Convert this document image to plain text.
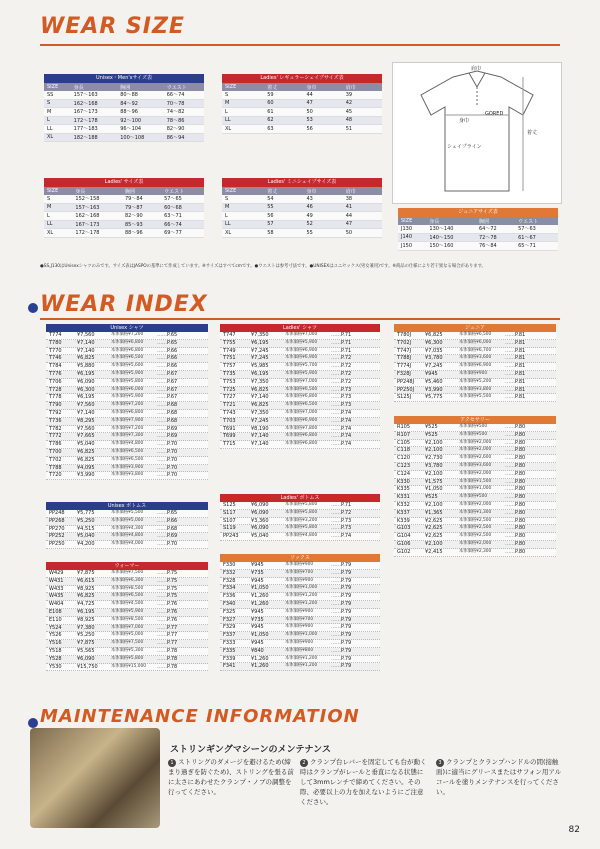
WEAR SIZE
Unisex・Men'sサイズ表
SIZE	身長	胸囲	ウエスト
SS	157〜163	80〜88	66〜74
S	162〜168	84〜92	70〜78
M	167〜173	88〜96	74〜82
L	172〜178	92〜100	78〜86
LL	177〜183	96〜104	82〜90
XL	182〜188	100〜108	86〜94
Ladies' レギュラーシェイプサイズ表
SIZE	着丈	身巾	肩巾
S	59	44	39
M	60	47	42
L	61	50	45
LL	62	53	48
XL	63	56	51
Ladies' サイズ表
SIZE	身長	胸囲	ウエスト
S	152〜158	79〜84	57〜65
M	157〜163	79〜87	60〜68
L	162〜168	82〜90	63〜71
LL	167〜173	85〜93	66〜74
XL	172〜178	88〜96	69〜77
Ladies' ミニシェイプサイズ表
SIZE	着丈	身巾	肩巾
S	54	43	38
M	55	46	41
L	56	49	44
LL	57	52	47
XL	58	55	50
GORED
身巾
着丈
シェイプライン
肩巾
ジュニアサイズ表
SIZE	身長	胸囲	ウエスト
J130	130〜140	64〜72	57〜63
J140	140〜150	72〜78	61〜67
J150	150〜160	76〜84	65〜71
●SS,J130はUnisexシャツのみです。サイズ表はJASPOの基準にて作成しています。※サイズはすべてcmです。●ウエストは参考寸法です。●UNISEXはユニセックス(男女兼用)です。※商品の仕様により若干異なる場合があります。
WEAR INDEX
Unisex シャツ
T774	¥7,560	本体価格¥7,200	…… P.65
T780	¥7,140	本体価格¥6,800	…… P.65
T770	¥7,140	本体価格¥6,800	…… P.66
T746	¥6,825	本体価格¥6,500	…… P.66
T784	¥5,880	本体価格¥5,600	…… P.66
T776	¥6,195	本体価格¥5,900	…… P.67
T706	¥6,090	本体価格¥5,800	…… P.67
T728	¥6,300	本体価格¥6,000	…… P.67
T778	¥6,195	本体価格¥5,900	…… P.67
T790	¥7,560	本体価格¥7,200	…… P.68
T792	¥7,140	本体価格¥6,800	…… P.68
T736	¥8,295	本体価格¥7,900	…… P.68
T782	¥7,560	本体価格¥7,200	…… P.69
T772	¥7,665	本体価格¥7,300	…… P.69
T786	¥5,040	本体価格¥4,800	…… P.70
T700	¥6,825	本体価格¥6,500	…… P.70
T702	¥6,825	本体価格¥6,500	…… P.70
T788	¥4,095	本体価格¥3,900	…… P.70
T720	¥3,990	本体価格¥3,800	…… P.70
Unisex ボトムス
PP248	¥5,775	本体価格¥5,500	…… P.65
PP268	¥5,250	本体価格¥5,000	…… P.66
PP270	¥4,515	本体価格¥4,300	…… P.68
PP252	¥5,040	本体価格¥4,800	…… P.69
PP250	¥4,200	本体価格¥4,000	…… P.70
ウォーマー
W429	¥7,875	本体価格¥7,500	…… P.75
W431	¥6,615	本体価格¥6,300	…… P.75
W433	¥8,925	本体価格¥8,500	…… P.75
W435	¥6,825	本体価格¥6,500	…… P.75
W404	¥4,725	本体価格¥4,500	…… P.76
E108	¥6,195	本体価格¥5,900	…… P.76
E110	¥8,925	本体価格¥8,500	…… P.76
Y524	¥7,380	本体価格¥7,000	…… P.77
Y526	¥5,250	本体価格¥5,000	…… P.77
Y516	¥7,875	本体価格¥7,500	…… P.77
Y518	¥5,565	本体価格¥5,300	…… P.78
Y528	¥6,090	本体価格¥5,800	…… P.78
Y530	¥15,750	本体価格¥15,000	…… P.78
Ladies' シャツ
T747	¥7,350	本体価格¥7,000	…… P.71
T755	¥6,195	本体価格¥5,900	…… P.71
T749	¥7,245	本体価格¥6,900	…… P.71
T751	¥7,245	本体価格¥6,900	…… P.72
T757	¥5,985	本体価格¥5,700	…… P.72
T735	¥6,195	本体価格¥5,900	…… P.72
T753	¥7,350	本体価格¥7,000	…… P.72
T725	¥6,825	本体価格¥6,500	…… P.73
T727	¥7,140	本体価格¥6,800	…… P.73
T721	¥6,825	本体価格¥6,500	…… P.73
T743	¥7,350	本体価格¥7,000	…… P.74
T703	¥7,245	本体価格¥6,900	…… P.74
T691	¥8,190	本体価格¥7,800	…… P.74
T699	¥7,140	本体価格¥6,800	…… P.74
T715	¥7,140	本体価格¥6,800	…… P.74
Ladies' ボトムス
S125	¥6,090	本体価格¥5,800	…… P.71
S117	¥6,090	本体価格¥5,800	…… P.72
S107	¥3,360	本体価格¥3,200	…… P.73
S119	¥6,090	本体価格¥5,800	…… P.73
PP243	¥5,040	本体価格¥4,800	…… P.74
ソックス
F330	¥945	本体価格¥900	…… P.79
F332	¥735	本体価格¥700	…… P.79
F328	¥945	本体価格¥900	…… P.79
F334	¥1,050	本体価格¥1,000	…… P.79
F336	¥1,260	本体価格¥1,200	…… P.79
F340	¥1,260	本体価格¥1,200	…… P.79
F325	¥945	本体価格¥900	…… P.79
F327	¥735	本体価格¥700	…… P.79
F329	¥945	本体価格¥900	…… P.79
F337	¥1,050	本体価格¥1,000	…… P.79
F333	¥945	本体価格¥900	…… P.79
F335	¥840	本体価格¥800	…… P.79
F339	¥1,260	本体価格¥1,200	…… P.79
F341	¥1,260	本体価格¥1,200	…… P.79
ジュニア
T780J	¥6,825	本体価格¥6,500	…… P.81
T702J	¥6,300	本体価格¥6,000	…… P.81
T747J	¥7,035	本体価格¥6,700	…… P.81
T788J	¥3,780	本体価格¥3,600	…… P.81
T774J	¥7,245	本体価格¥6,900	…… P.81
F328J	¥945	本体価格¥900	…… P.81
PP248J	¥5,460	本体価格¥5,200	…… P.81
PP250J	¥3,990	本体価格¥3,800	…… P.81
S125J	¥5,775	本体価格¥5,500	…… P.81
アクセサリー
R105	¥525	本体価格¥500	…… P.80
R107	¥525	本体価格¥500	…… P.80
C105	¥2,100	本体価格¥2,000	…… P.80
C118	¥2,100	本体価格¥2,000	…… P.80
C120	¥2,730	本体価格¥2,600	…… P.80
C123	¥3,780	本体価格¥3,600	…… P.80
C124	¥2,100	本体価格¥2,000	…… P.80
K330	¥1,575	本体価格¥1,500	…… P.80
K335	¥1,050	本体価格¥1,000	…… P.80
K331	¥525	本体価格¥500	…… P.80
K332	¥2,100	本体価格¥2,000	…… P.80
K337	¥1,365	本体価格¥1,300	…… P.80
K339	¥2,625	本体価格¥2,500	…… P.80
G103	¥2,625	本体価格¥2,500	…… P.80
G104	¥2,625	本体価格¥2,500	…… P.80
G106	¥2,100	本体価格¥2,000	…… P.80
G102	¥2,415	本体価格¥2,300	…… P.80
MAINTENANCE INFORMATION
ストリンギングマシーンのメンテナンス
1 ストリングのダメージを避けるため(締まり過ぎを防ぐため)、ストリングを張る前に太さにあわせたクランプ・ノブの調整を行ってください。
2 クランプ台レバーを固定しても台が動く時はクランプがレールと垂直になる状態にして3mmレンチで締めてください。その際、必要以上の力を加えないようにご注意ください。
3 クランプとクランプハンドルの間(接触面)に適当にグリースまたはサフォン用アルコールを塗りメンテナンスを行ってください。
82
